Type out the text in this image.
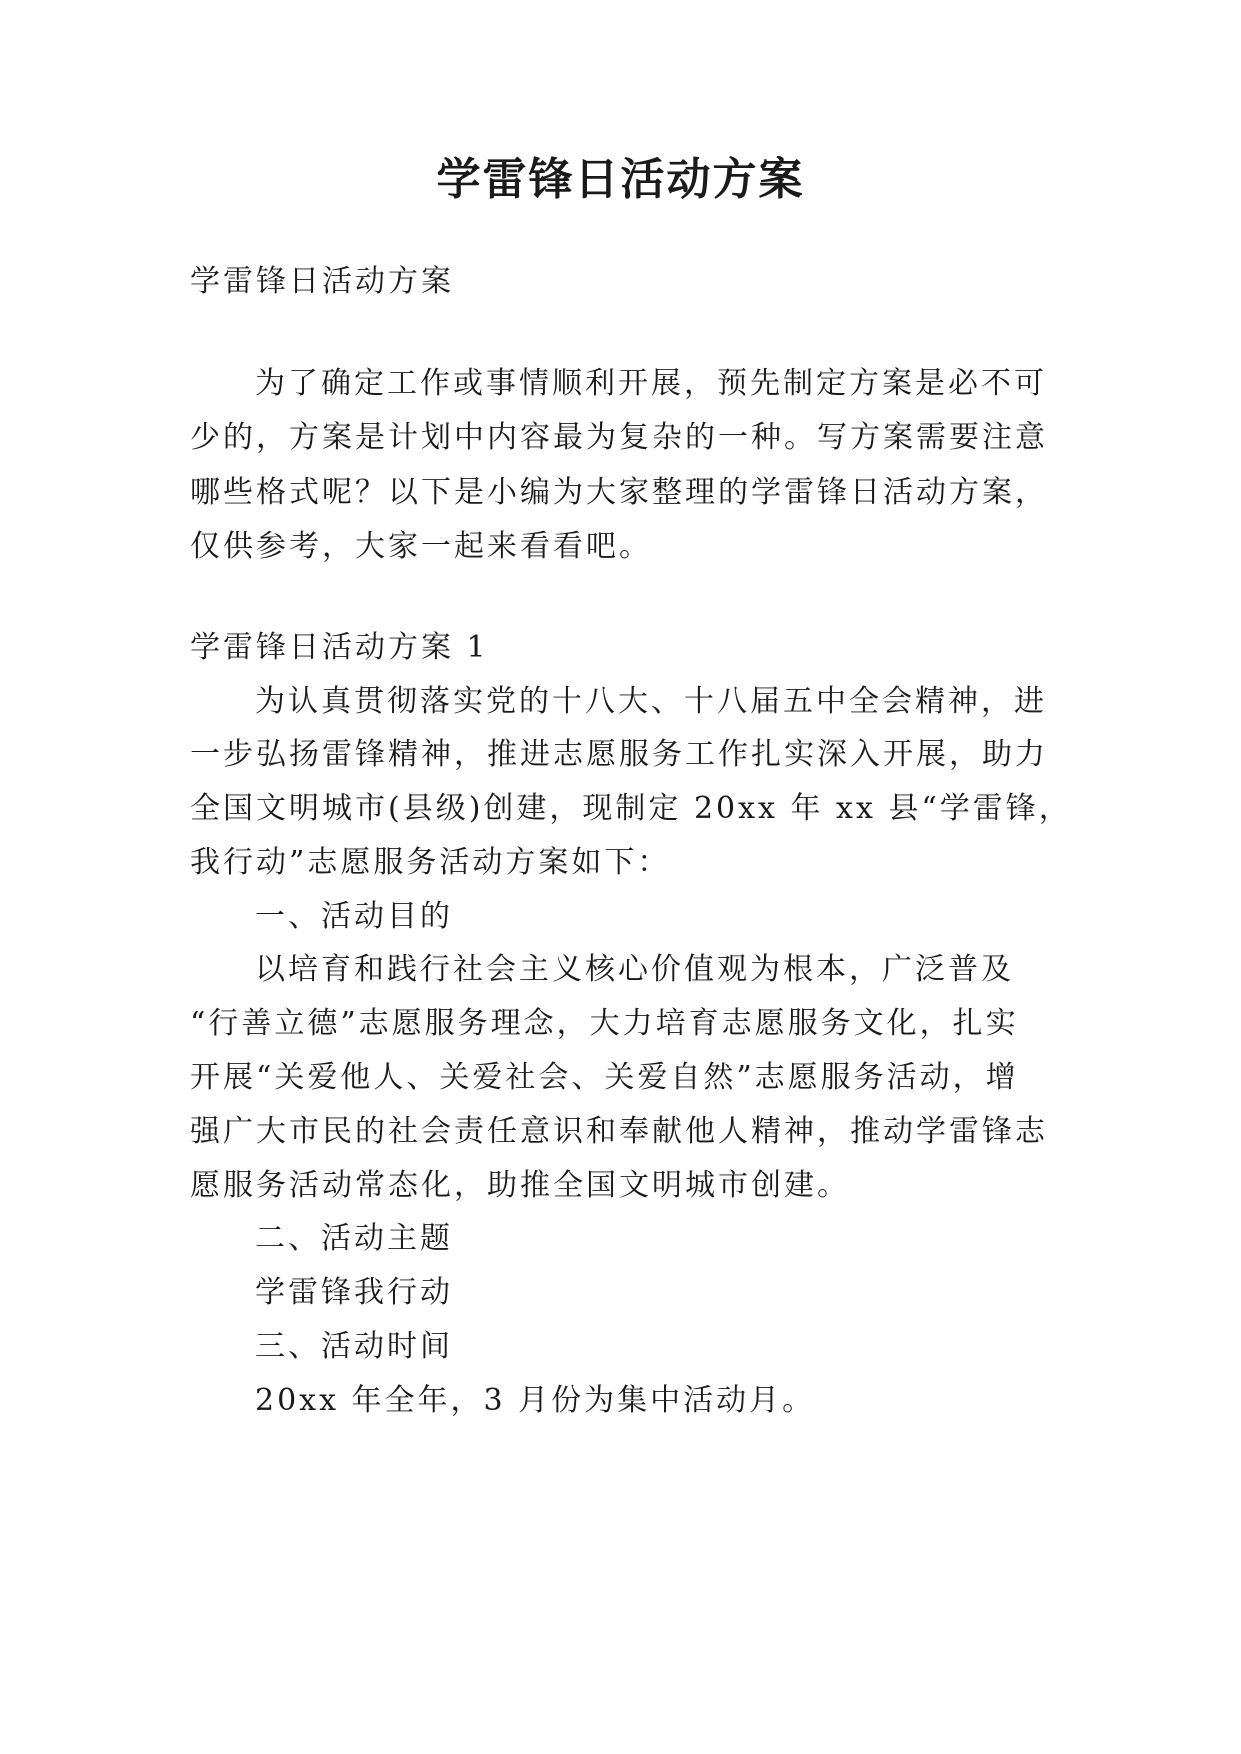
学雷锋日活动方案

学雷锋日活动方案

为了确定工作或事情顺利开展，预先制定方案是必不可

少的，方案是计划中内容最为复杂的一种。写方案需要注意

哪些格式呢？以下是小编为大家整理的学雷锋日活动方案，

仅供参考，大家一起来看看吧。

学雷锋日活动方案 1

为认真贯彻落实党的十八大、十八届五中全会精神，进

一步弘扬雷锋精神，推进志愿服务工作扎实深入开展，助力

全国文明城市(县级)创建，现制定 20xx 年 xx 县“学雷锋，

我行动”志愿服务活动方案如下：

一、活动目的

以培育和践行社会主义核心价值观为根本，广泛普及

“行善立德”志愿服务理念，大力培育志愿服务文化，扎实

开展“关爱他人、关爱社会、关爱自然”志愿服务活动，增

强广大市民的社会责任意识和奉献他人精神，推动学雷锋志

愿服务活动常态化，助推全国文明城市创建。

二、活动主题

学雷锋我行动

三、活动时间

20xx 年全年，3 月份为集中活动月。
